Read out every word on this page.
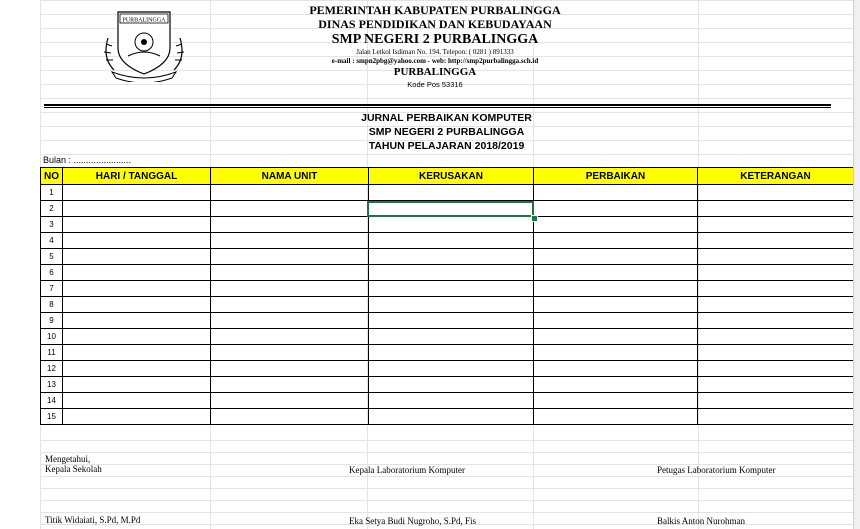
PURBALINGGA
PEMERINTAH KABUPATEN PURBALINGGA
DINAS PENDIDIKAN DAN KEBUDAYAAN
SMP NEGERI 2 PURBALINGGA
Jalan Letkol Isdiman No. 194, Telepon: ( 0281 ) 891333
e-mail : smpn2pbg@yahoo.com - web: http://smp2purbalingga.sch.id
PURBALINGGA
Kode Pos 53316
JURNAL PERBAIKAN KOMPUTER
SMP NEGERI 2 PURBALINGGA
TAHUN PELAJARAN 2018/2019
Bulan : .......................
NO	HARI / TANGGAL	NAMA UNIT	KERUSAKAN	PERBAIKAN	KETERANGAN
1					
2					
3					
4					
5					
6					
7					
8					
9					
10					
11					
12					
13					
14					
15					
Mengetahui,
Kepala Sekolah
Titik Widaiati, S.Pd, M.Pd
Kepala Laboratorium Komputer
Eka Setya Budi Nugroho, S.Pd, Fis
Petugas Laboratorium Komputer
Balkis Anton Nurohman
